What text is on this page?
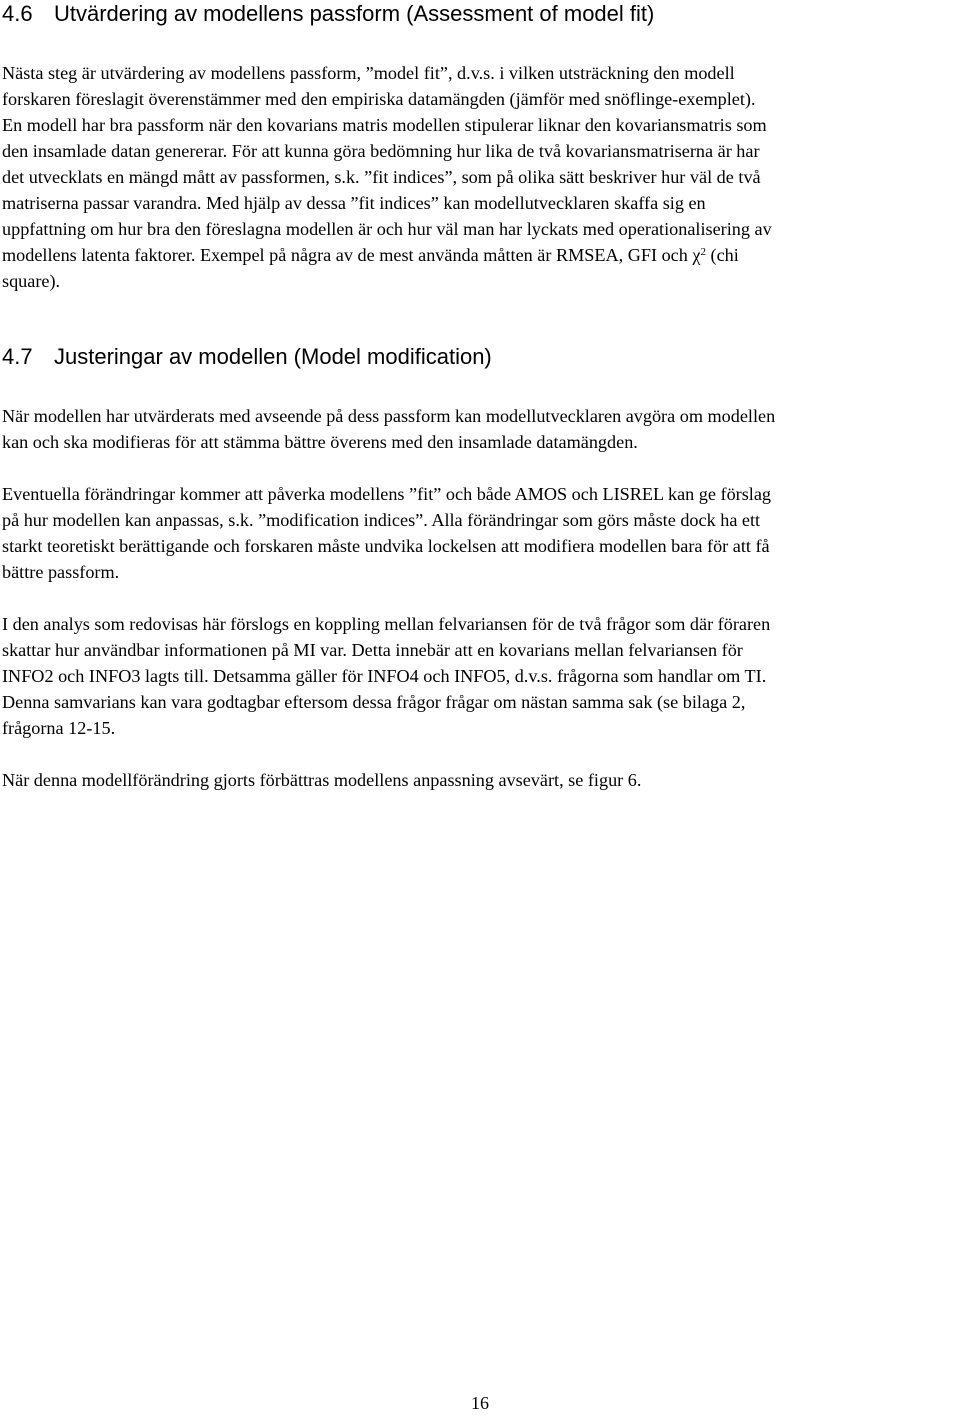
4.6 Utvärdering av modellens passform (Assessment of model fit)

Nästa steg är utvärdering av modellens passform, ”model fit”, d.v.s. i vilken utsträckning den modell
forskaren föreslagit överenstämmer med den empiriska datamängden (jämför med snöflinge-exemplet).
En modell har bra passform när den kovarians matris modellen stipulerar liknar den kovariansmatris som
den insamlade datan genererar. För att kunna göra bedömning hur lika de två kovariansmatriserna är har
det utvecklats en mängd mått av passformen, s.k. ”fit indices”, som på olika sätt beskriver hur väl de två
matriserna passar varandra. Med hjälp av dessa ”fit indices” kan modellutvecklaren skaffa sig en
uppfattning om hur bra den föreslagna modellen är och hur väl man har lyckats med operationalisering av
modellens latenta faktorer. Exempel på några av de mest använda måtten är RMSEA, GFI och $\chi^2$ (chi
square).

4.7 Justeringar av modellen (Model modification)

När modellen har utvärderats med avseende på dess passform kan modellutvecklaren avgöra om modellen
kan och ska modifieras för att stämma bättre överens med den insamlade datamängden.

Eventuella förändringar kommer att påverka modellens ”fit” och både AMOS och LISREL kan ge förslag
på hur modellen kan anpassas, s.k. ”modification indices”. Alla förändringar som görs måste dock ha ett
starkt teoretiskt berättigande och forskaren måste undvika lockelsen att modifiera modellen bara för att få
bättre passform.

I den analys som redovisas här förslogs en koppling mellan felvariansen för de två frågor som där föraren
skattar hur användbar informationen på MI var. Detta innebär att en kovarians mellan felvariansen för
INFO2 och INFO3 lagts till. Detsamma gäller för INFO4 och INFO5, d.v.s. frågorna som handlar om TI.
Denna samvarians kan vara godtagbar eftersom dessa frågor frågar om nästan samma sak (se bilaga 2,
frågorna 12-15.

När denna modellförändring gjorts förbättras modellens anpassning avsevärt, se figur 6.

16
